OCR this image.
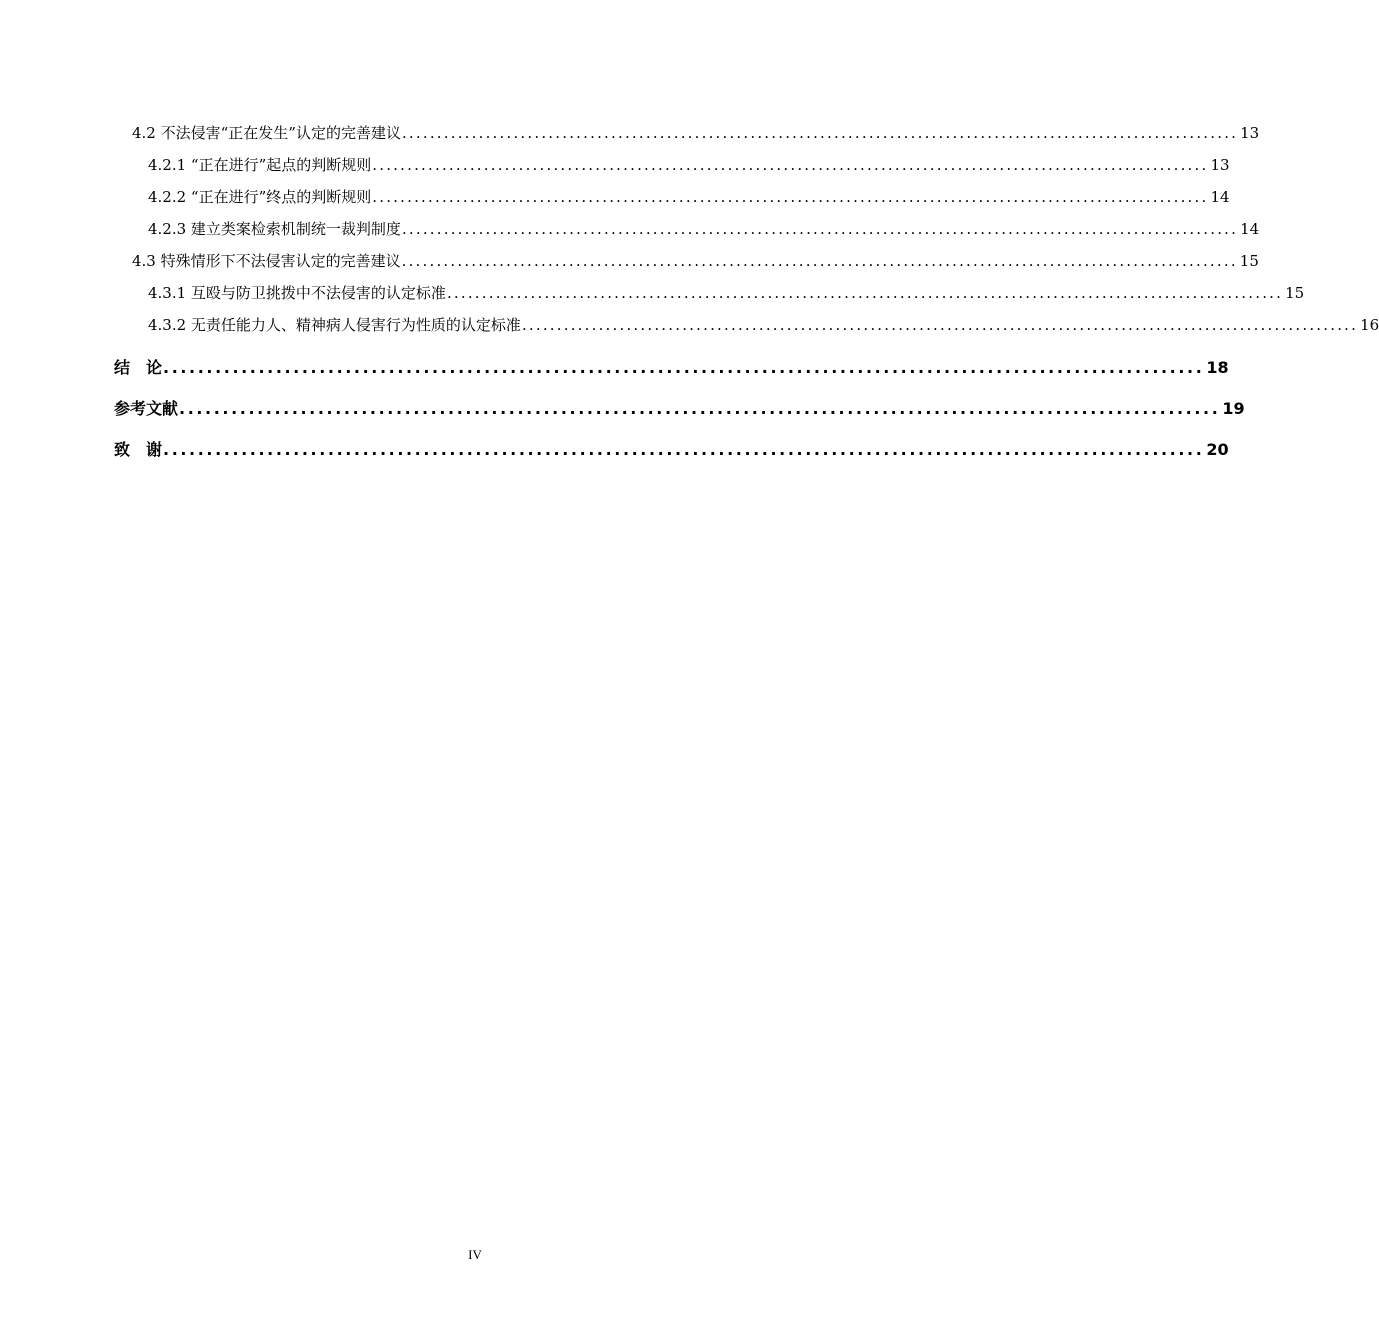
4.2 不法侵害“正在发生”认定的完善建议 ........................................................................................................................ 13
4.2.1 “正在进行”起点的判断规则 ........................................................................................................................ 13
4.2.2 “正在进行”终点的判断规则 ........................................................................................................................ 14
4.2.3 建立类案检索机制统一裁判制度 ........................................................................................................................ 14
4.3 特殊情形下不法侵害认定的完善建议 ........................................................................................................................ 15
4.3.1 互殴与防卫挑拨中不法侵害的认定标准 ........................................................................................................................ 15
4.3.2 无责任能力人、精神病人侵害行为性质的认定标准 ........................................................................................................................ 16
结　论 ........................................................................................................................ 18
参考文献 ........................................................................................................................ 19
致　谢 ........................................................................................................................ 20
IV
